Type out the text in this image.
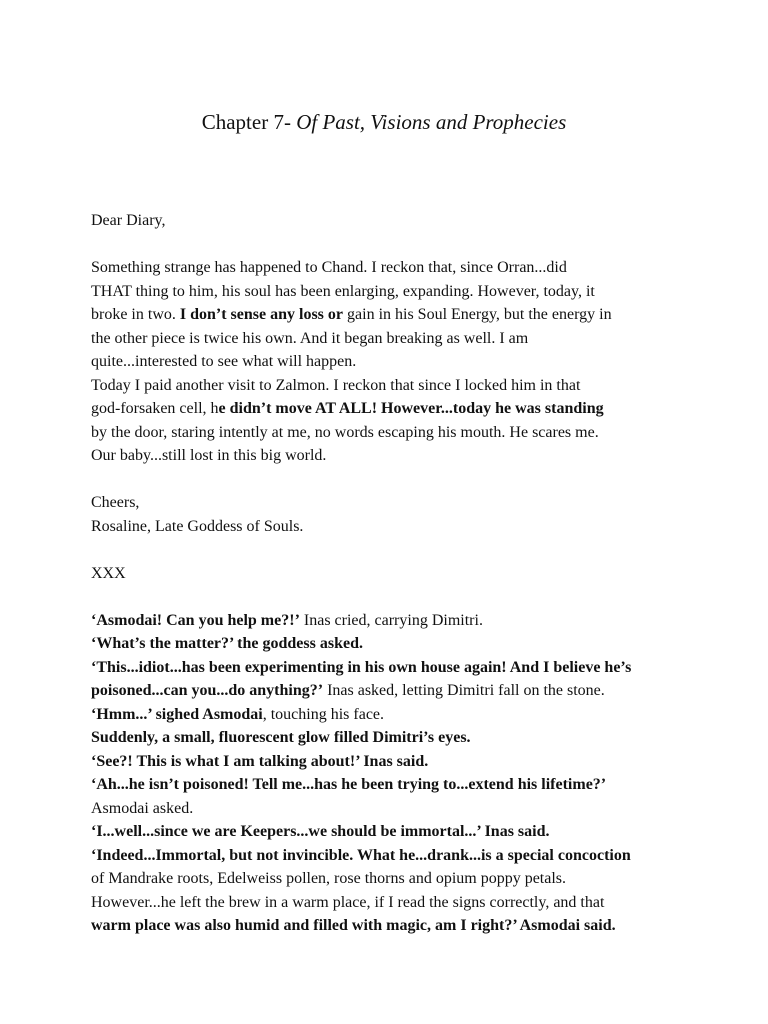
Chapter 7- Of Past, Visions and Prophecies
Dear Diary,
Something strange has happened to Chand. I reckon that, since Orran...did
THAT thing to him, his soul has been enlarging, expanding. However, today, it
broke in two. I don’t sense any loss or gain in his Soul Energy, but the energy in
the other piece is twice his own. And it began breaking as well. I am
quite...interested to see what will happen.
Today I paid another visit to Zalmon. I reckon that since I locked him in that
god-forsaken cell, he didn’t move AT ALL! However...today he was standing
by the door, staring intently at me, no words escaping his mouth. He scares me.
Our baby...still lost in this big world.
Cheers,
Rosaline, Late Goddess of Souls.
XXX
‘Asmodai! Can you help me?!’ Inas cried, carrying Dimitri.
‘What’s the matter?’ the goddess asked.
‘This...idiot...has been experimenting in his own house again! And I believe he’s
poisoned...can you...do anything?’ Inas asked, letting Dimitri fall on the stone.
‘Hmm...’ sighed Asmodai, touching his face.
Suddenly, a small, fluorescent glow filled Dimitri’s eyes.
‘See?! This is what I am talking about!’ Inas said.
‘Ah...he isn’t poisoned! Tell me...has he been trying to...extend his lifetime?’
Asmodai asked.
‘I...well...since we are Keepers...we should be immortal...’ Inas said.
‘Indeed...Immortal, but not invincible. What he...drank...is a special concoction
of Mandrake roots, Edelweiss pollen, rose thorns and opium poppy petals.
However...he left the brew in a warm place, if I read the signs correctly, and that
warm place was also humid and filled with magic, am I right?’ Asmodai said.
